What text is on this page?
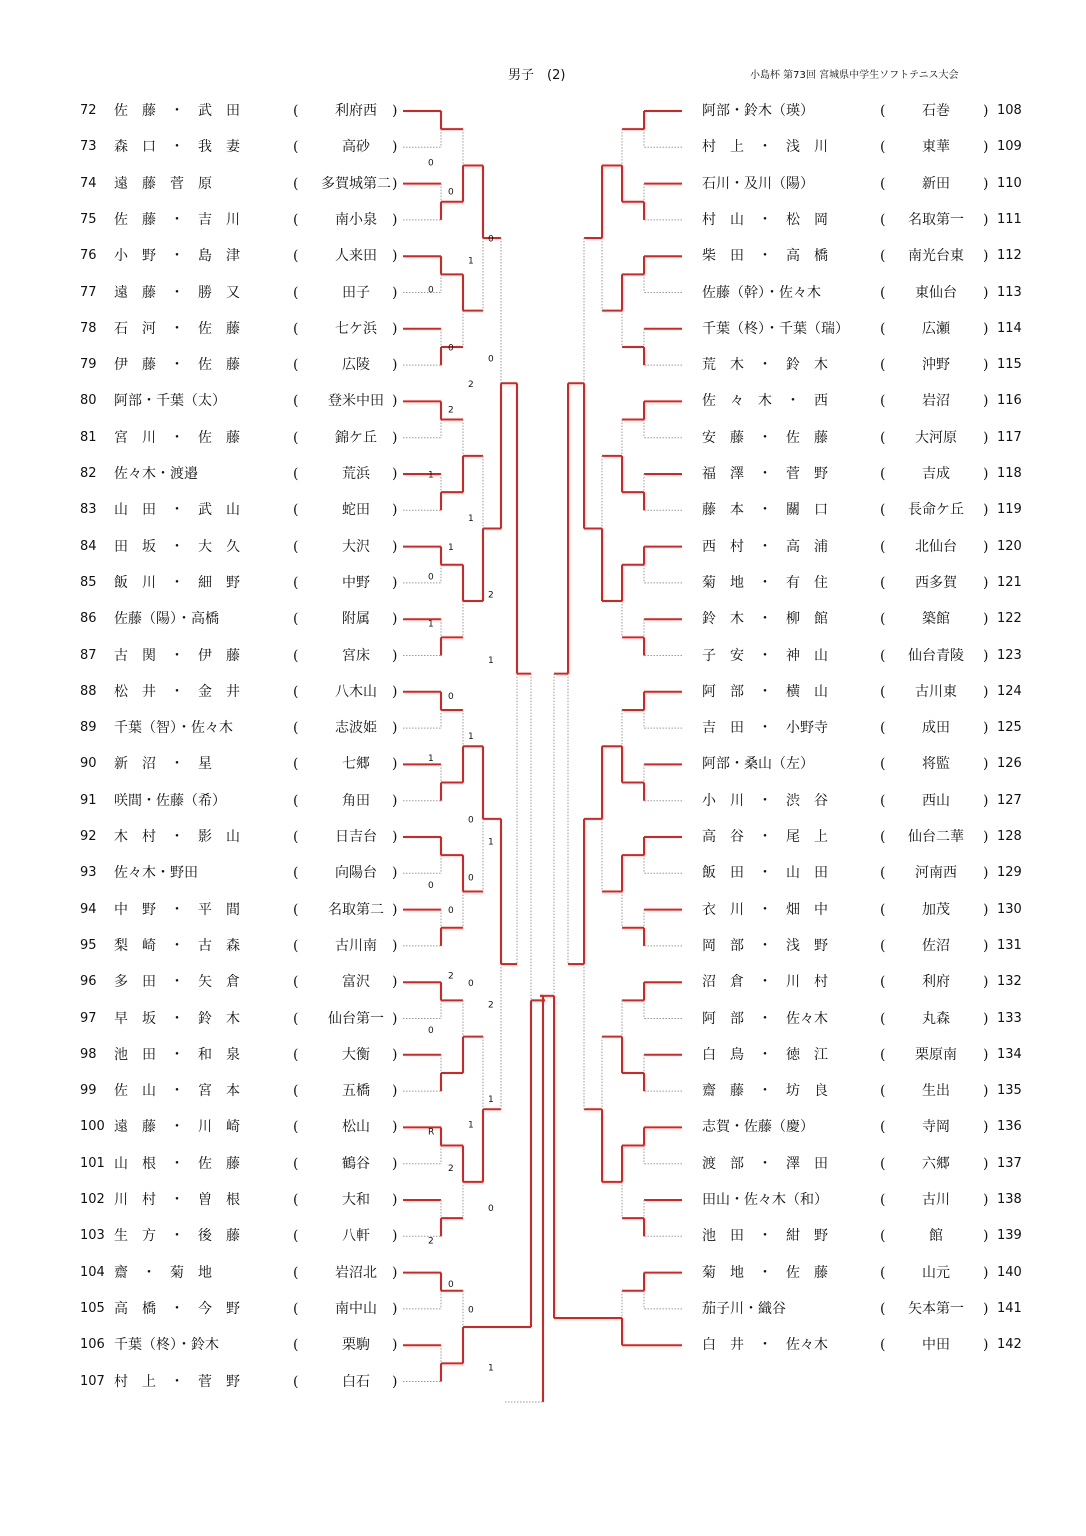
男子　(2)	小島杯 第73回 宮城県中学生ソフトテニス大会
72	佐　藤　・　武　田	(	利府西	)
73	森　口　・　我　妻	(	高砂	)
74	遠　藤　菅　原	(	多賀城第二 )
75	佐　藤　・　吉　川	(	南小泉	)
76	小　野　・　島　津	(	人来田	)
77	遠　藤　・　勝　又	(	田子	)
78	石　河　・　佐　藤	(	七ケ浜	)
79	伊　藤　・　佐　藤	(	広陵	)
80	阿部・千葉（太）	(	登米中田 )
81	宮　川　・　佐　藤	(	錦ケ丘	)
82	佐々木・渡邉	(	荒浜	)
83	山　田　・　武　山	(	蛇田	)
84	田　坂　・　大　久	(	大沢	)
85	飯　川　・　細　野	(	中野	)
86	佐藤（陽）・高橋	(	附属	)
87	古　関　・　伊　藤	(	宮床	)
88	松　井　・　金　井	(	八木山	)
89	千葉（智）・佐々木	(	志波姫	)
90	新　沼　・　星	(	七郷	)
91	咲間・佐藤（希）	(	角田	)
92	木　村　・　影　山	(	日吉台	)
93	佐々木・野田	(	向陽台	)
94	中　野　・　平　間	(	名取第二 )
95	梨　崎　・　古　森	(	古川南	)
96	多　田　・　矢　倉	(	富沢	)
97	早　坂　・　鈴　木	(	仙台第一 )
98	池　田　・　和　泉	(	大衡	)
99	佐　山　・　宮　本	(	五橋	)
100 遠　藤　・　川　崎	(	松山	)
101 山　根　・　佐　藤	(	鶴谷	)
102 川　村　・　曽　根	(	大和	)
103 生　方　・　後　藤	(	八軒	)
104 齋　・　菊　地	(	岩沼北	)
105 高　橋　・　今　野	(	南中山	)
106 千葉（柊）・鈴木	(	栗駒	)
107 村　上　・　菅　野	(	白石	)
阿部・鈴木（瑛）	(	石巻	) 108
村　上　・　浅　川	(	東華	) 109
石川・及川（陽）	(	新田	) 110
村　山　・　松　岡	(	名取第一	) 111
柴　田　・　高　橋	(	南光台東	) 112
佐藤（幹）・佐々木	(	東仙台	) 113
千葉（柊）・千葉（瑞）	(	広瀬	) 114
荒　木　・　鈴　木	(	沖野	) 115
佐　々　木　・　西	(	岩沼	) 116
安　藤　・　佐　藤	(	大河原	) 117
福　澤　・　菅　野	(	吉成	) 118
藤　本　・　關　口	(	長命ケ丘	) 119
西　村　・　高　浦	(	北仙台	) 120
菊　地　・　有　住	(	西多賀	) 121
鈴　木　・　柳　館	(	築館	) 122
子　安　・　神　山	(	仙台青陵	) 123
阿　部　・　横　山	(	古川東	) 124
吉　田　・　小野寺	(	成田	) 125
阿部・桑山（左）	(	将監	) 126
小　川　・　渋　谷	(	西山	) 127
高　谷　・　尾　上	(	仙台二華	) 128
飯　田　・　山　田	(	河南西	) 129
衣　川　・　畑　中	(	加茂	) 130
岡　部　・　浅　野	(	佐沼	) 131
沼　倉　・　川　村	(	利府	) 132
阿　部　・　佐々木	(	丸森	) 133
白　鳥　・　徳　江	(	栗原南	) 134
齋　藤　・　坊　良	(	生出	) 135
志賀・佐藤（慶）	(	寺岡	) 136
渡　部　・　澤　田	(	六郷	) 137
田山・佐々木（和）	(	古川	) 138
池　田　・　紺　野	(	館	) 139
菊　地　・　佐　藤	(	山元	) 140
茄子川・織谷	(	矢本第一	) 141
白　井　・　佐々木	(	中田	) 142
0
0
1
0
0
0
2
0
1
1
1
2
1
0
1
1
0
2
0
1
0
0
0
2
0
2
0
1
R
2
1
0
2
0
0
1
1
